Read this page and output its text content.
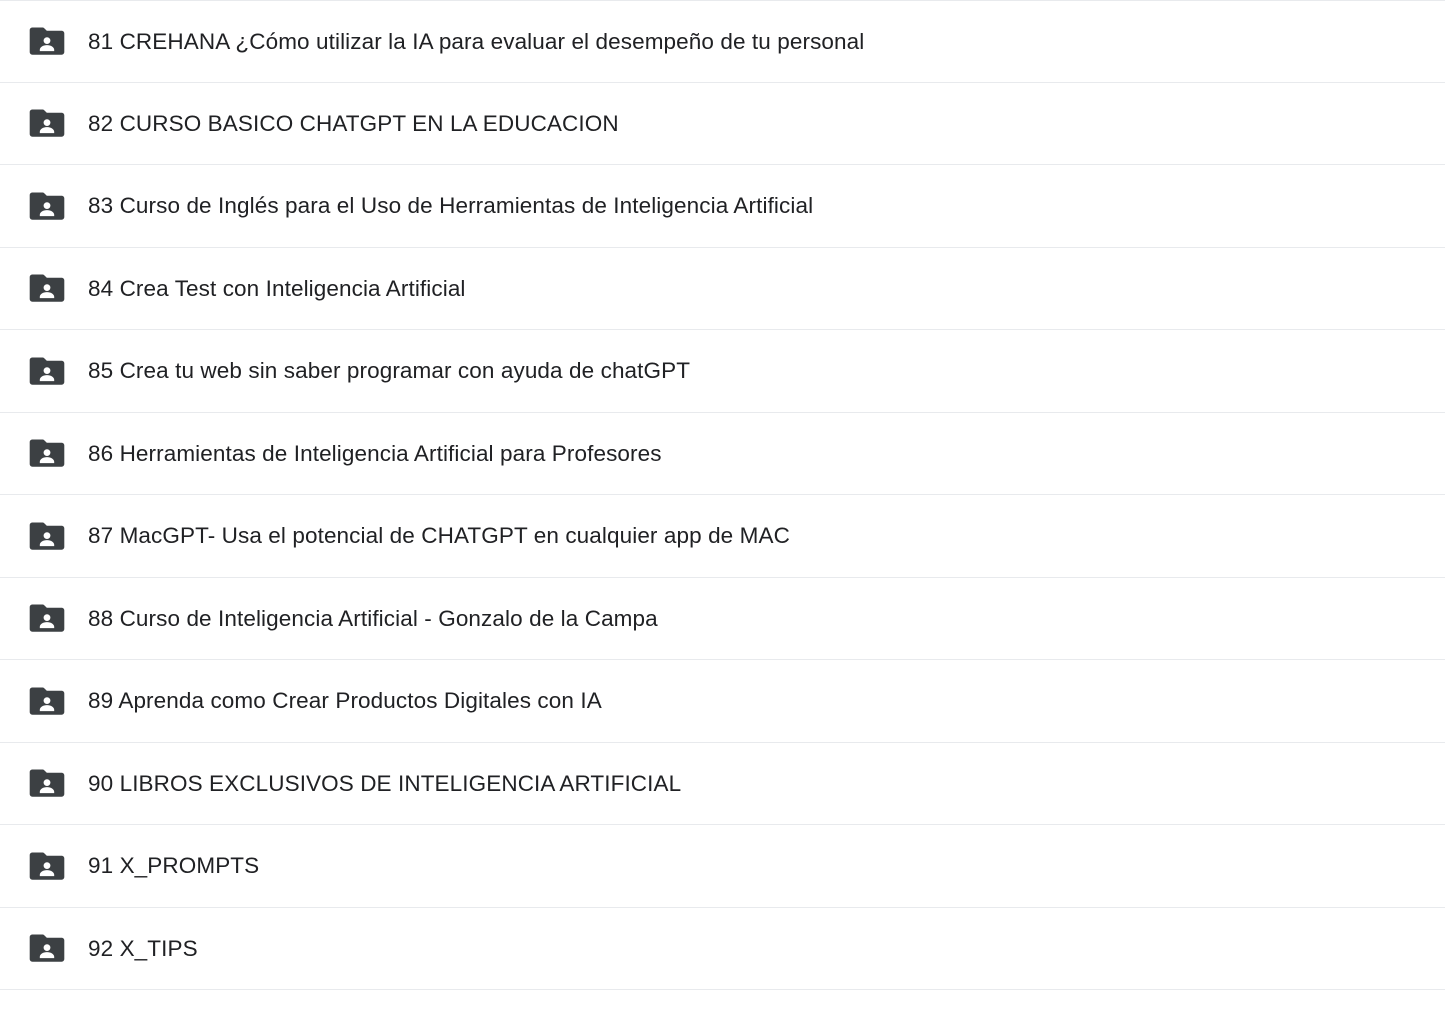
81 CREHANA ¿Cómo utilizar la IA para evaluar el desempeño de tu personal
82 CURSO BASICO CHATGPT EN LA EDUCACION
83 Curso de Inglés para el Uso de Herramientas de Inteligencia Artificial
84 Crea Test con Inteligencia Artificial
85 Crea tu web sin saber programar con ayuda de chatGPT
86 Herramientas de Inteligencia Artificial para Profesores
87 MacGPT- Usa el potencial de CHATGPT en cualquier app de MAC
88 Curso de Inteligencia Artificial - Gonzalo de la Campa
89 Aprenda como Crear Productos Digitales con IA
90 LIBROS EXCLUSIVOS DE INTELIGENCIA ARTIFICIAL
91 X_PROMPTS
92 X_TIPS
